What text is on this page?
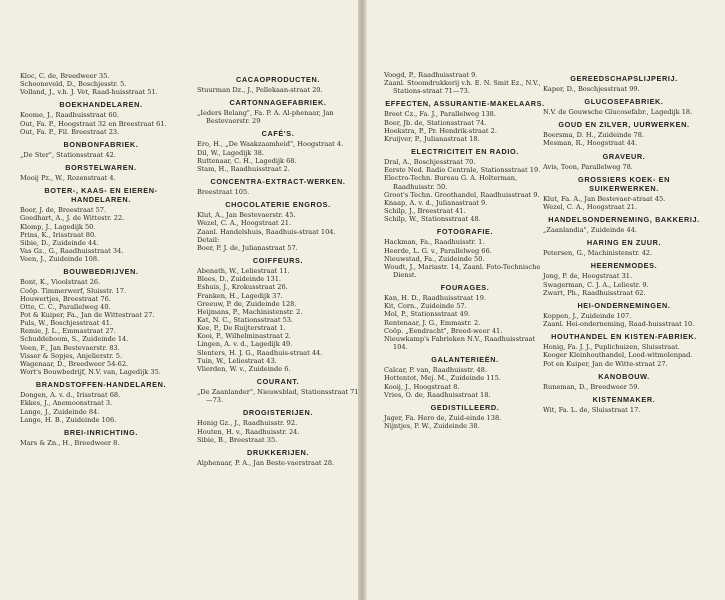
Kloc, C. de, Breedweer 35.
Schooneveld, D., Boschjesstr. 5.
Volland, J., v.h. J. Vet, Raad-huisstraat 51.
BOEKHANDELAREN.
Koome, J., Raadhuisstraat 60.
Out, Fa. P., Hoogstraat 32 en Breestraat 61.
Out, Fa. P., Fil. Breestraat 23.
BONBONFABRIEK.
„De Ster", Stationsstraat 42.
BORSTELWAREN.
Mooij Pz., W., Rozenstraat 4.
BOTER-, KAAS- EN EIEREN-HANDELAREN.
Boer, J. de, Breestraat 57.
Goedhart, A., J. de Wittestr. 22.
Klomp, J., Lagedijk 50.
Prins, K., Irisstraat 80.
Sibie, D., Zuideinde 44.
Vas Gz., G., Raadhuisstraat 34.
Veen, J., Zuideinde 108.
BOUWBEDRIJVEN.
Bont, K., Vioolstraat 26.
Coöp. Timmerwerf, Sluisstr. 17.
Houwertjes, Breestraat 76.
Otte, C. C., Parallelweg 40.
Pot & Kuiper, Fa., Jan de Wittestraat 27.
Puls, W., Boschjesstraat 41.
Remie, J. L., Emmastraat 27.
Schuddeboom, S., Zuideinde 14.
Veen, F., Jan Bestevaerstr. 83.
Visser & Sopjes, Anjelierstr. 5.
Wagenaar, D., Breedweer 54-62.
Wort's Bouwbedrijf, N.V. van, Lagedijk 35.
BRANDSTOFFEN-HANDELAREN.
Dongen, A. v. d., Irisstraat 68.
Ekkes, J., Anemoonstraat 3.
Lange, J., Zuideinde 84.
Lange, H. B., Zuideinde 106.
BREI-INRICHTING.
Mars & Zn., H., Breedweer 8.
CACAOPRODUCTEN.
Stuurman Dz., J., Pellekaan-straat 20.
CARTONNAGEFABRIEK.
„Ieders Belang", Fa. P. A. Al-phenaar, Jan Bestevaerstr. 29
CAFÉ'S.
Ero, H., „De Waakzaamheid", Hoogstraat 4.
Dil, W., Lagedijk 38.
Ruttenaar, C. H., Lagedijk 68.
Stam, H., Raadhuisstraat 2.
CONCENTRA-EXTRACT-WERKEN.
Breestraat 105.
CHOCOLATERIE ENGROS.
Klut, A., Jan Bestevaerstr. 45.
Wezel, C. A., Hoogstraat 21.
Zaanl. Handelshuis, Raadhuis-straat 104.
Detail:
Boer, P. J. de, Julianastraat 57.
COIFFEURS.
Abenath, W., Leliestraat 11.
Blees, D., Zuideinde 131.
Eshuis, J., Krokusstraat 26.
Franken, H., Lagedijk 37.
Greeuw, P. de, Zuideinde 128.
Heijmans, P., Machinistenstr. 2.
Kat, N. C., Stationsstraat 53.
Kee, P., De Ruijterstraat 1.
Kooi, P., Wilhelminastraat 2.
Lingen, A. v. d., Lagedijk 49.
Slenters, H. J. G., Raadhuis-straat 44.
Tuin, W., Leliestraat 43.
Vlierden, W. v., Zuideinde 6.
COURANT.
„De Zaanlander", Nieuwsblad, Stationsstraat 71—73.
DROGISTERIJEN.
Honig Gz., J., Raadhuisstr. 92.
Houten, H. v., Raadhuisstr. 24.
Sibie, B., Breestraat 35.
DRUKKERIJEN.
Alphenaar, P. A., Jan Beste-vaerstraat 28.
Voogd, P., Raadhuisstraat 9.
Zaanl. Stoomdrukkerij v.h. E. N. Smit Ez., N.V., Stations-straat 71—73.
EFFECTEN, ASSURANTIE-MAKELAARS.
Breet Cz., Fa. J., Parallelweg 138.
Boer, Jb. de, Stationsstraat 74.
Hoekstra, P., Pr. Hendrik-straat 2.
Kruijver, P., Julianastraat 18.
ELECTRICITEIT EN RADIO.
Dral, A., Boschjesstraat 70.
Eerste Ned. Radio Centrale, Stationsstraat 19.
Electro-Techn. Bureau G. A. Holterman, Raadhuisstr. 50.
Groot's Techn. Groothandel, Raadhuisstraat 9.
Knaap, A. v. d., Julianastraat 9.
Schilp, J., Breestraat 41.
Schilp, W., Stationsstraat 48.
FOTOGRAFIE.
Hackman, Fa., Raadhuisstr. 1.
Heerde, L. G. v., Parallelweg 66.
Nieuwstad, Fa., Zuideinde 50.
Woudt, J., Mariastr. 14, Zaanl. Foto-Technische Dienst.
FOURAGES.
Kan, H. D., Raadhuisstraat 19.
Kit, Corn., Zuideinde 57.
Mol, P., Stationsstraat 49.
Rentenaar, J. G., Emmastr. 2.
Coöp. „Eendracht", Breed-weer 41.
Nieuwkamp's Fabrieken N.V., Raadhuisstraat 104.
GALANTERIEËN.
Calcar, P. van, Raadhuisstr. 48.
Hottentot, Mej. M., Zuideinde 115.
Kooij, J., Hoogstraat 8.
Vries, O. de, Raadhuisstraat 18.
GEDISTILLEERD.
Jager, Fa. Hero de, Zuid-einde 138.
Nijntjes, P. W., Zuideinde 38.
GEREEDSCHAPSLIJPERIJ.
Kaper, D., Boschjesstraat 99.
GLUCOSEFABRIEK.
N.V. de Gouwsche Glucosefabr., Lagedijk 18.
GOUD EN ZILVER, UURWERKEN.
Boersma, D. H., Zuideinde 78.
Mesman, R., Hoogstraat 44.
GRAVEUR.
Avis, Toon, Parallelweg 78.
GROSSIERS KOEK- EN SUIKERWERKEN.
Klut, Fa. A., Jan Bestevaer-straat 45.
Wezel, C. A., Hoogstraat 21.
HANDELSONDERNEMING, BAKKERIJ.
„Zaanlandia", Zuideinde 44.
HARING EN ZUUR.
Petersen, G., Machinistenstr. 42.
HEERENMODES.
Jong, P. de, Hoogstraat 31.
Swagerman, C. J. A., Leliestr. 9.
Zwart, Ph., Raadhuisstraat 62.
HEI-ONDERNEMINGEN.
Koppen, J., Zuideinde 107.
Zaanl. Hei-onderneming, Raad-huisstraat 10.
HOUTHANDEL EN KISTEN-FABRIEK.
Honig, Fa. J. J., Puplichuizen, Sluisstraat.
Kooger Kleinhouthandel, Lood-witmolenpad.
Pot en Kuiper, Jan de Witte-straat 27.
KANOBOUW.
Runeman, D., Breedweer 59.
KISTENMAKER.
Wit, Fa. L. de, Sluisstraat 17.
